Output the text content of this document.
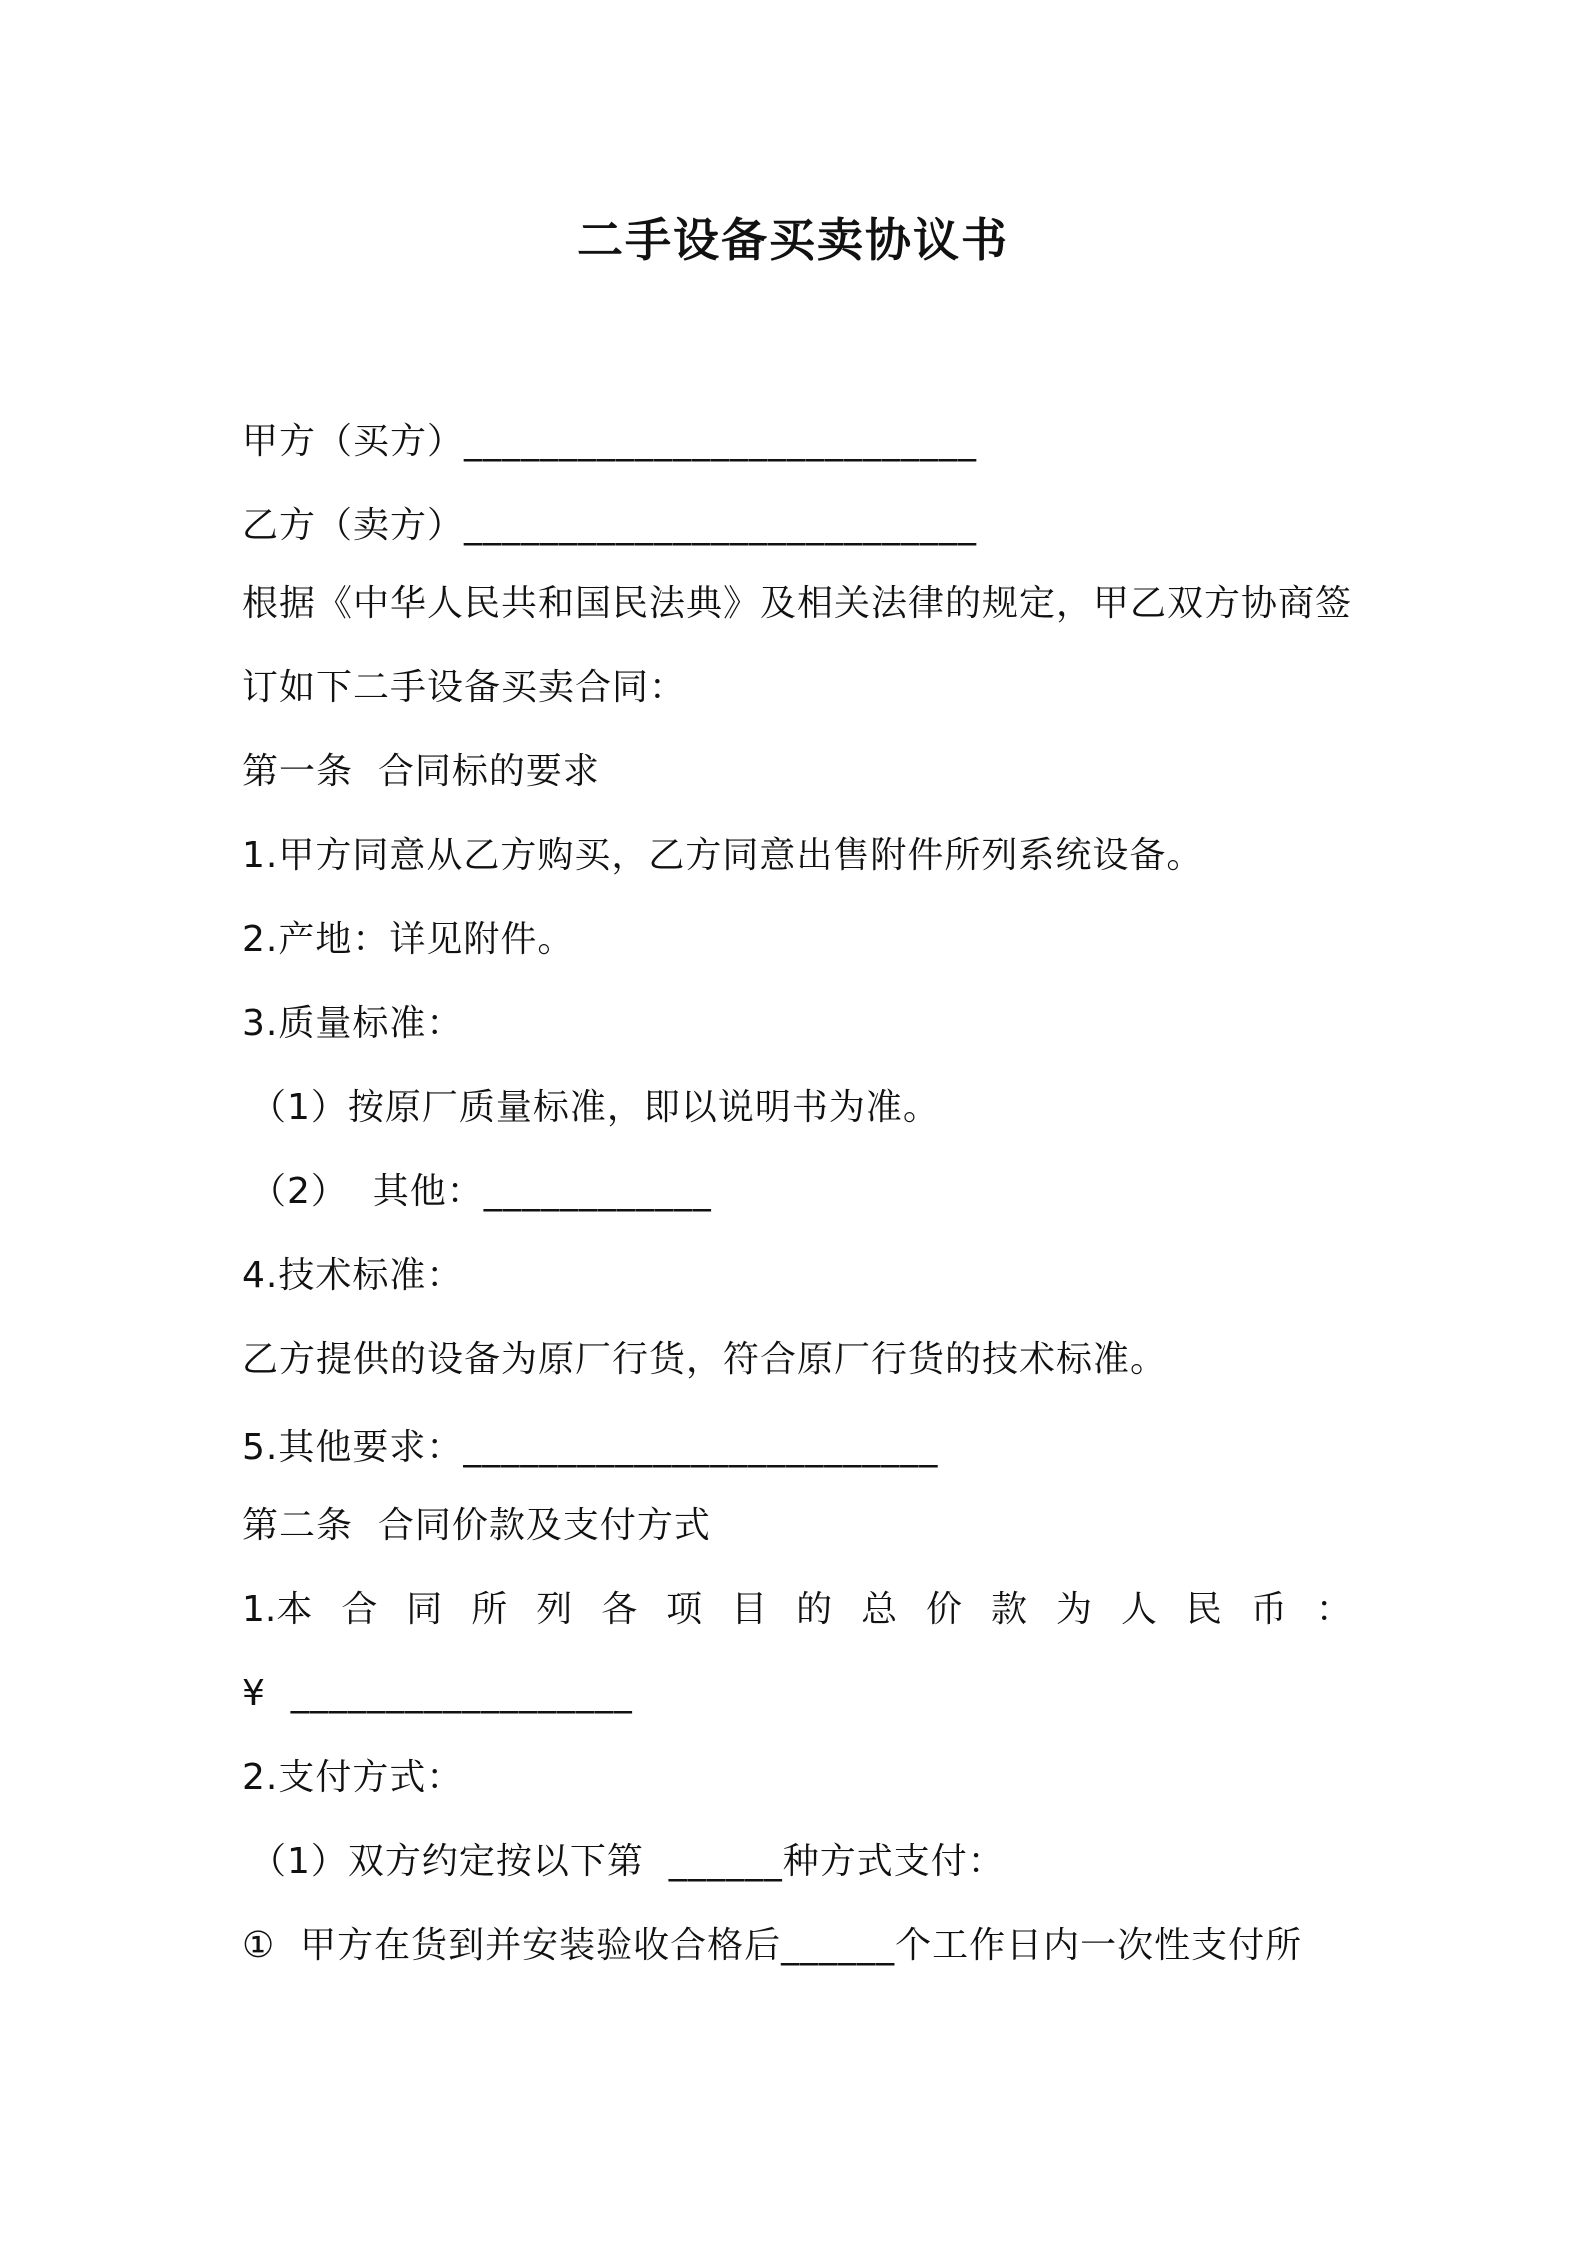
二手设备买卖协议书
甲方（买方）___________________________
乙方（卖方）___________________________
根据《中华人民共和国民法典》及相关法律的规定，甲乙双方协商签
订如下二手设备买卖合同：
第一条  合同标的要求
1.甲方同意从乙方购买，乙方同意出售附件所列系统设备。
2.产地：详见附件。
3.质量标准：
（1）按原厂质量标准，即以说明书为准。
（2）  其他：____________
4.技术标准：
乙方提供的设备为原厂行货，符合原厂行货的技术标准。
5.其他要求：_________________________
第二条  合同价款及支付方式
1.本 合 同 所 列 各 项 目 的 总 价 款 为 人 民 币 ：
¥  __________________
2.支付方式：
（1）双方约定按以下第  ______种方式支付：
①  甲方在货到并安装验收合格后______个工作日内一次性支付所
